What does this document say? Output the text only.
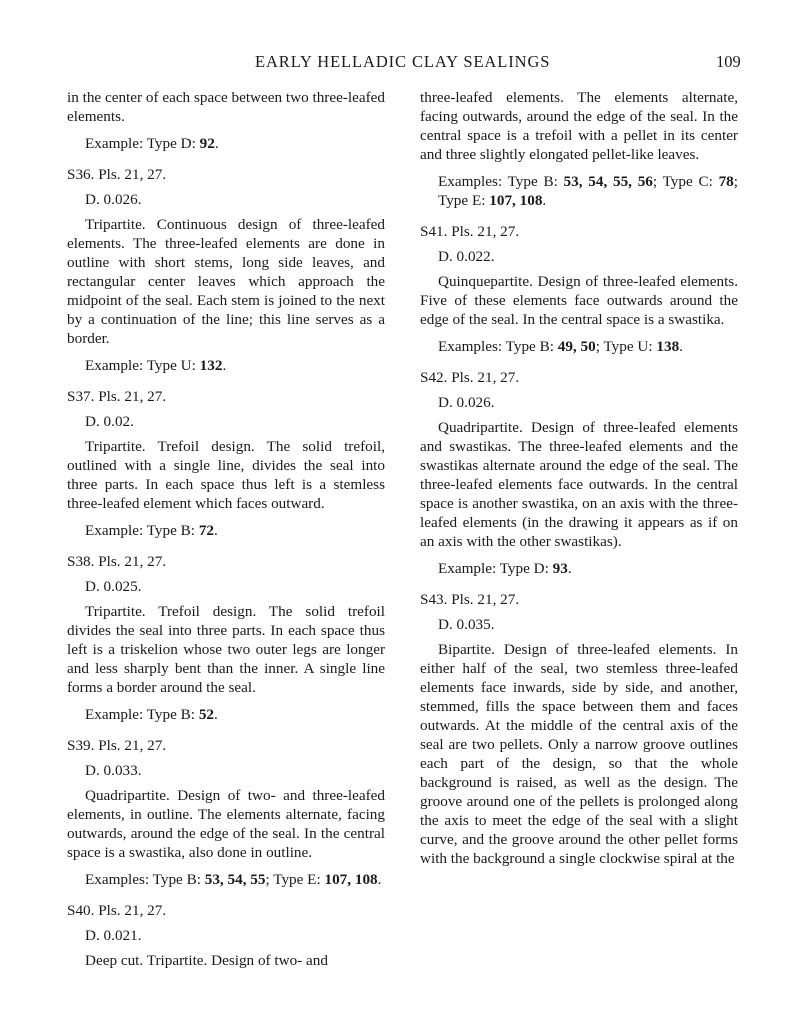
EARLY HELLADIC CLAY SEALINGS	109

in the center of each space between two three-leafed elements.

Example: Type D: 92.

S36. Pls. 21, 27.

D. 0.026.

Tripartite. Continuous design of three-leafed elements. The three-leafed elements are done in outline with short stems, long side leaves, and rectangular center leaves which approach the midpoint of the seal. Each stem is joined to the next by a continuation of the line; this line serves as a border.

Example: Type U: 132.

S37. Pls. 21, 27.

D. 0.02.

Tripartite. Trefoil design. The solid trefoil, outlined with a single line, divides the seal into three parts. In each space thus left is a stemless three-leafed element which faces outward.

Example: Type B: 72.

S38. Pls. 21, 27.

D. 0.025.

Tripartite. Trefoil design. The solid trefoil divides the seal into three parts. In each space thus left is a triskelion whose two outer legs are longer and less sharply bent than the inner. A single line forms a border around the seal.

Example: Type B: 52.

S39. Pls. 21, 27.

D. 0.033.

Quadripartite. Design of two- and three-leafed elements, in outline. The elements alternate, facing outwards, around the edge of the seal. In the central space is a swastika, also done in outline.

Examples: Type B: 53, 54, 55; Type E: 107, 108.

S40. Pls. 21, 27.

D. 0.021.

Deep cut. Tripartite. Design of two- and

three-leafed elements. The elements alternate, facing outwards, around the edge of the seal. In the central space is a trefoil with a pellet in its center and three slightly elongated pellet-like leaves.

Examples: Type B: 53, 54, 55, 56; Type C: 78; Type E: 107, 108.

S41. Pls. 21, 27.

D. 0.022.

Quinquepartite. Design of three-leafed elements. Five of these elements face outwards around the edge of the seal. In the central space is a swastika.

Examples: Type B: 49, 50; Type U: 138.

S42. Pls. 21, 27.

D. 0.026.

Quadripartite. Design of three-leafed elements and swastikas. The three-leafed elements and the swastikas alternate around the edge of the seal. The three-leafed elements face outwards. In the central space is another swastika, on an axis with the three-leafed elements (in the drawing it appears as if on an axis with the other swastikas).

Example: Type D: 93.

S43. Pls. 21, 27.

D. 0.035.

Bipartite. Design of three-leafed elements. In either half of the seal, two stemless three-leafed elements face inwards, side by side, and another, stemmed, fills the space between them and faces outwards. At the middle of the central axis of the seal are two pellets. Only a narrow groove outlines each part of the design, so that the whole background is raised, as well as the design. The groove around one of the pellets is prolonged along the axis to meet the edge of the seal with a slight curve, and the groove around the other pellet forms with the background a single clockwise spiral at the
